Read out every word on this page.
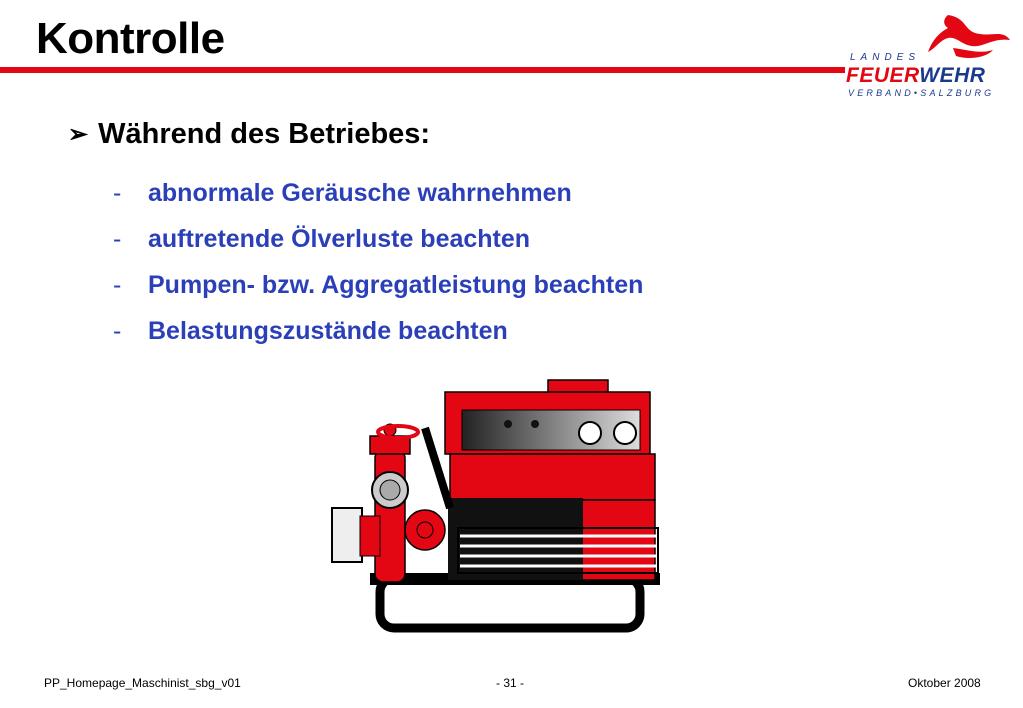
Kontrolle	LANDES
FEUERWEHR
VERBAND•SALZBURG
➢ Während des Betriebes:
-	abnormale Geräusche wahrnehmen
-	auftretende Ölverluste beachten
-	Pumpen- bzw. Aggregatleistung beachten
-	Belastungszustände beachten
PP_Homepage_Maschinist_sbg_v01	- 31 -	Oktober 2008
